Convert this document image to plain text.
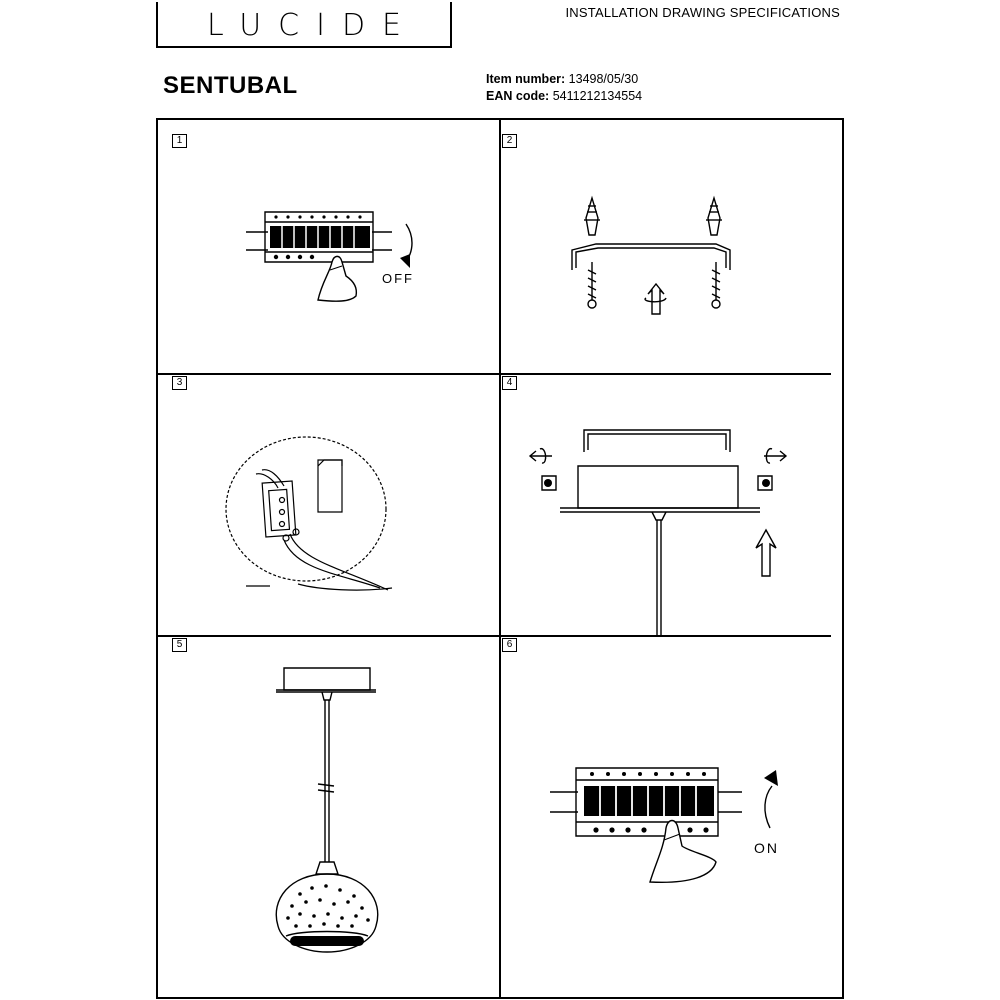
LUCIDE	INSTALLATION DRAWING SPECIFICATIONS
SENTUBAL	Item number: 13498/05/30
EAN code: 5411212134554
1	2
3	4
5	6
OFF
ON
